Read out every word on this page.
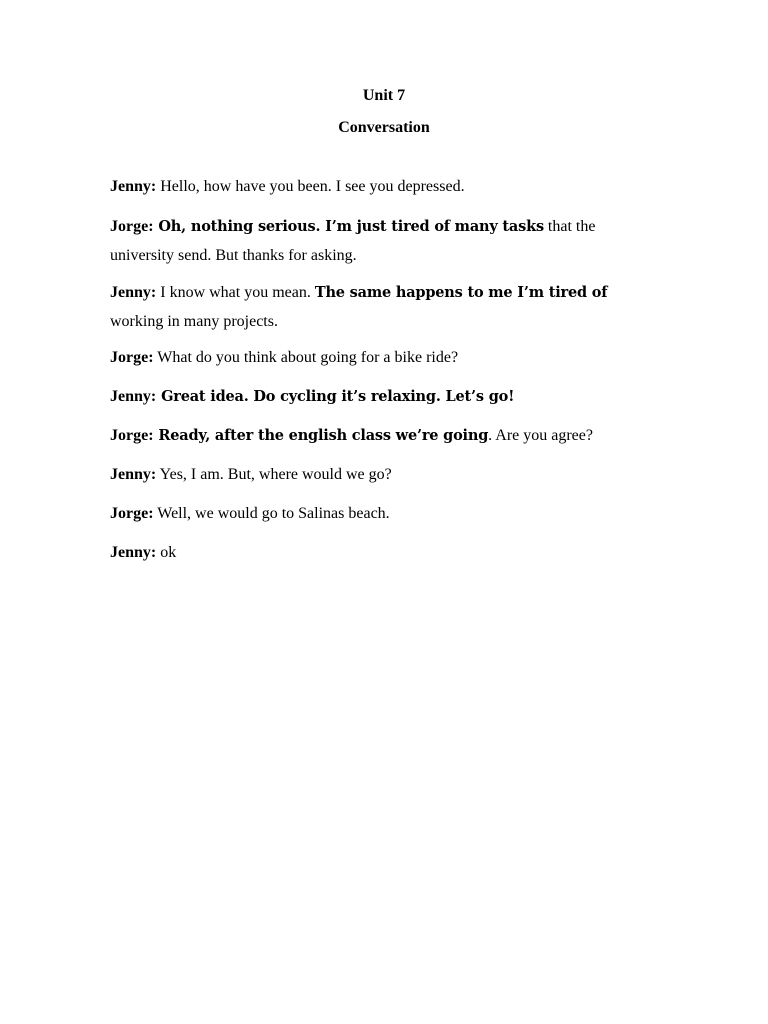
Unit 7
Conversation

Jenny: Hello, how have you been. I see you depressed.

Jorge: Oh, nothing serious. I’m just tired of many tasks that the university send. But thanks for asking.

Jenny: I know what you mean. The same happens to me I’m tired of working in many projects.

Jorge: What do you think about going for a bike ride?

Jenny: Great idea. Do cycling it’s relaxing. Let’s go!

Jorge: Ready, after the english class we’re going. Are you agree?

Jenny: Yes, I am. But, where would we go?

Jorge: Well, we would go to Salinas beach.

Jenny: ok
